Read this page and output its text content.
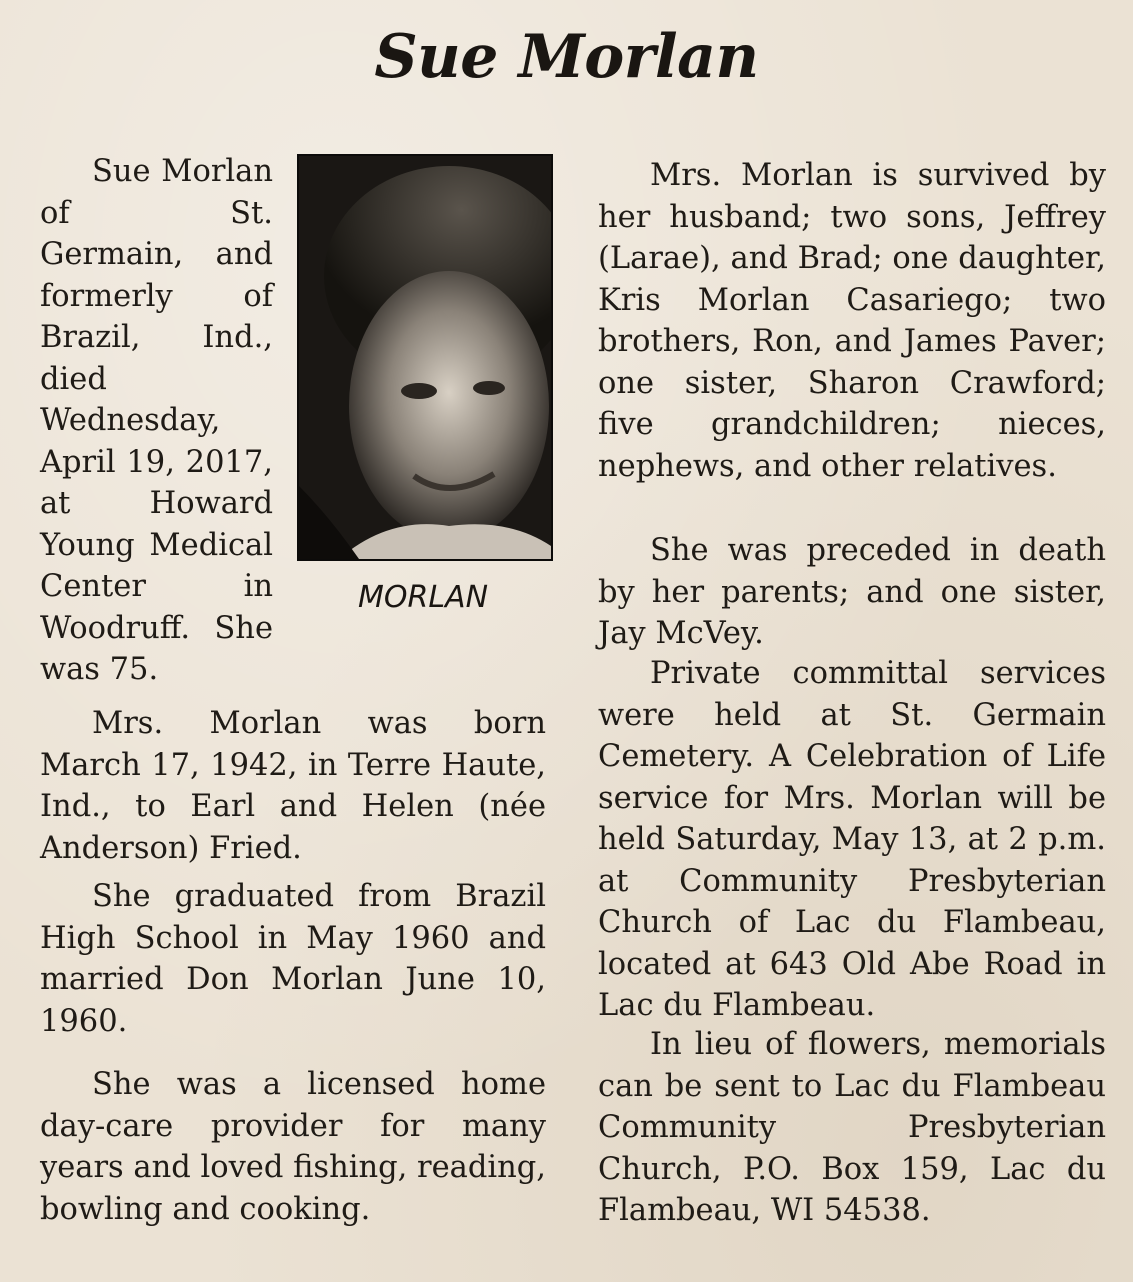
Sue Morlan

Sue Morlan of St. Germain, and formerly of Brazil, Ind., died Wednesday, April 19, 2017, at Howard Young Medical Center in Woodruff. She was 75.

MORLAN

Mrs. Morlan was born March 17, 1942, in Terre Haute, Ind., to Earl and Helen (née Anderson) Fried.

She graduated from Brazil High School in May 1960 and married Don Morlan June 10, 1960.

She was a licensed home day-care provider for many years and loved fishing, reading, bowling and cooking.

Mrs. Morlan is survived by her husband; two sons, Jeffrey (Larae), and Brad; one daughter, Kris Morlan Casariego; two brothers, Ron, and James Paver; one sister, Sharon Crawford; five grandchildren; nieces, nephews, and other relatives.

She was preceded in death by her parents; and one sister, Jay McVey.

Private committal services were held at St. Germain Cemetery. A Celebration of Life service for Mrs. Morlan will be held Saturday, May 13, at 2 p.m. at Community Presbyterian Church of Lac du Flambeau, located at 643 Old Abe Road in Lac du Flambeau.

In lieu of flowers, memorials can be sent to Lac du Flambeau Community Presbyterian Church, P.O. Box 159, Lac du Flambeau, WI 54538.
